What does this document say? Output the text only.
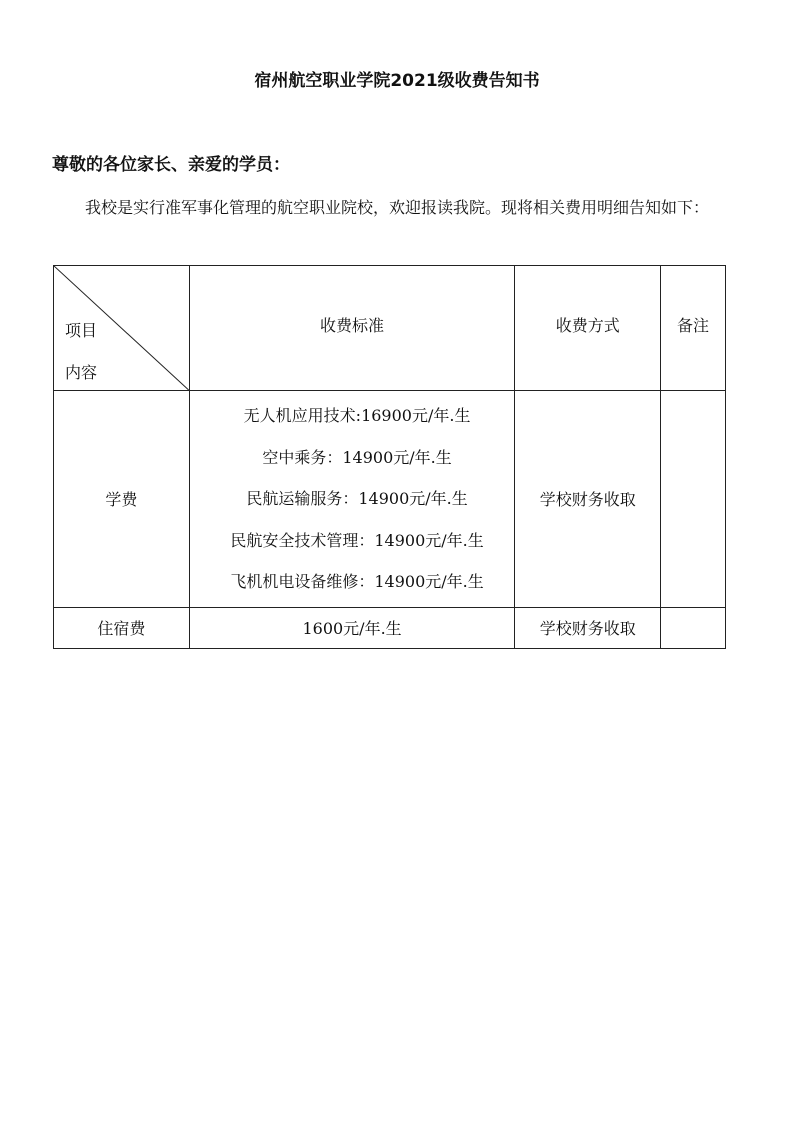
宿州航空职业学院2021级收费告知书
尊敬的各位家长、亲爱的学员：

我校是实行准军事化管理的航空职业院校，欢迎报读我院。现将相关费用明细告知如下：

项目
内容	收费标准	收费方式	备注
学费	无人机应用技术:16900元/年.生
空中乘务：14900元/年.生
民航运输服务：14900元/年.生
民航安全技术管理：14900元/年.生
飞机机电设备维修：14900元/年.生	学校财务收取	
住宿费	1600元/年.生	学校财务收取	
